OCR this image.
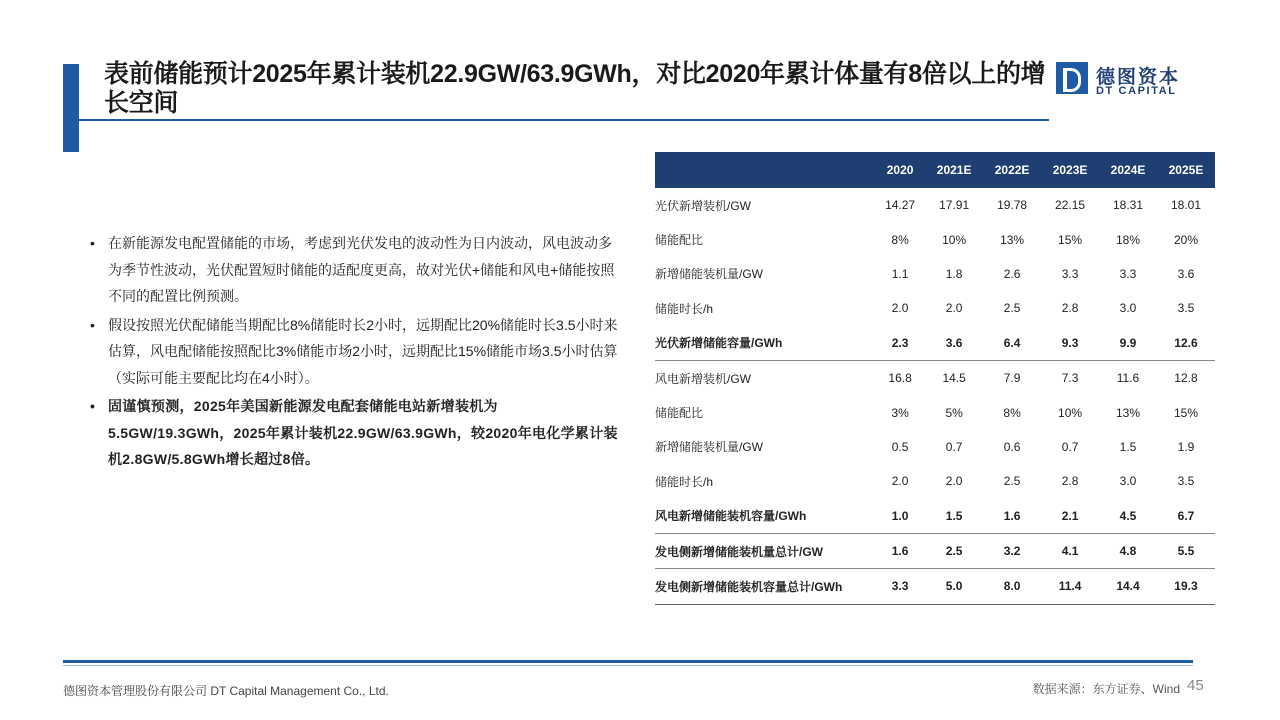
表前储能预计2025年累计装机22.9GW/63.9GWh，对比2020年累计体量有8倍以上的增长空间
德图资本
DT CAPITAL
• 在新能源发电配置储能的市场，考虑到光伏发电的波动性为日内波动，风电波动多为季节性波动，光伏配置短时储能的适配度更高，故对光伏+储能和风电+储能按照不同的配置比例预测。
• 假设按照光伏配储能当期配比8%储能时长2小时，远期配比20%储能时长3.5小时来估算，风电配储能按照配比3%储能市场2小时，远期配比15%储能市场3.5小时估算（实际可能主要配比均在4小时）。
• 固谨慎预测，2025年美国新能源发电配套储能电站新增装机为5.5GW/19.3GWh，2025年累计装机22.9GW/63.9GWh，较2020年电化学累计装机2.8GW/5.8GWh增长超过8倍。
	2020	2021E	2022E	2023E	2024E	2025E
光伏新增装机/GW	14.27	17.91	19.78	22.15	18.31	18.01
储能配比	8%	10%	13%	15%	18%	20%
新增储能装机量/GW	1.1	1.8	2.6	3.3	3.3	3.6
储能时长/h	2.0	2.0	2.5	2.8	3.0	3.5
光伏新增储能容量/GWh	2.3	3.6	6.4	9.3	9.9	12.6
风电新增装机/GW	16.8	14.5	7.9	7.3	11.6	12.8
储能配比	3%	5%	8%	10%	13%	15%
新增储能装机量/GW	0.5	0.7	0.6	0.7	1.5	1.9
储能时长/h	2.0	2.0	2.5	2.8	3.0	3.5
风电新增储能装机容量/GWh	1.0	1.5	1.6	2.1	4.5	6.7
发电侧新增储能装机量总计/GW	1.6	2.5	3.2	4.1	4.8	5.5
发电侧新增储能装机容量总计/GWh	3.3	5.0	8.0	11.4	14.4	19.3
德图资本管理股份有限公司 DT Capital Management Co., Ltd.	数据来源：东方证券、Wind 45
